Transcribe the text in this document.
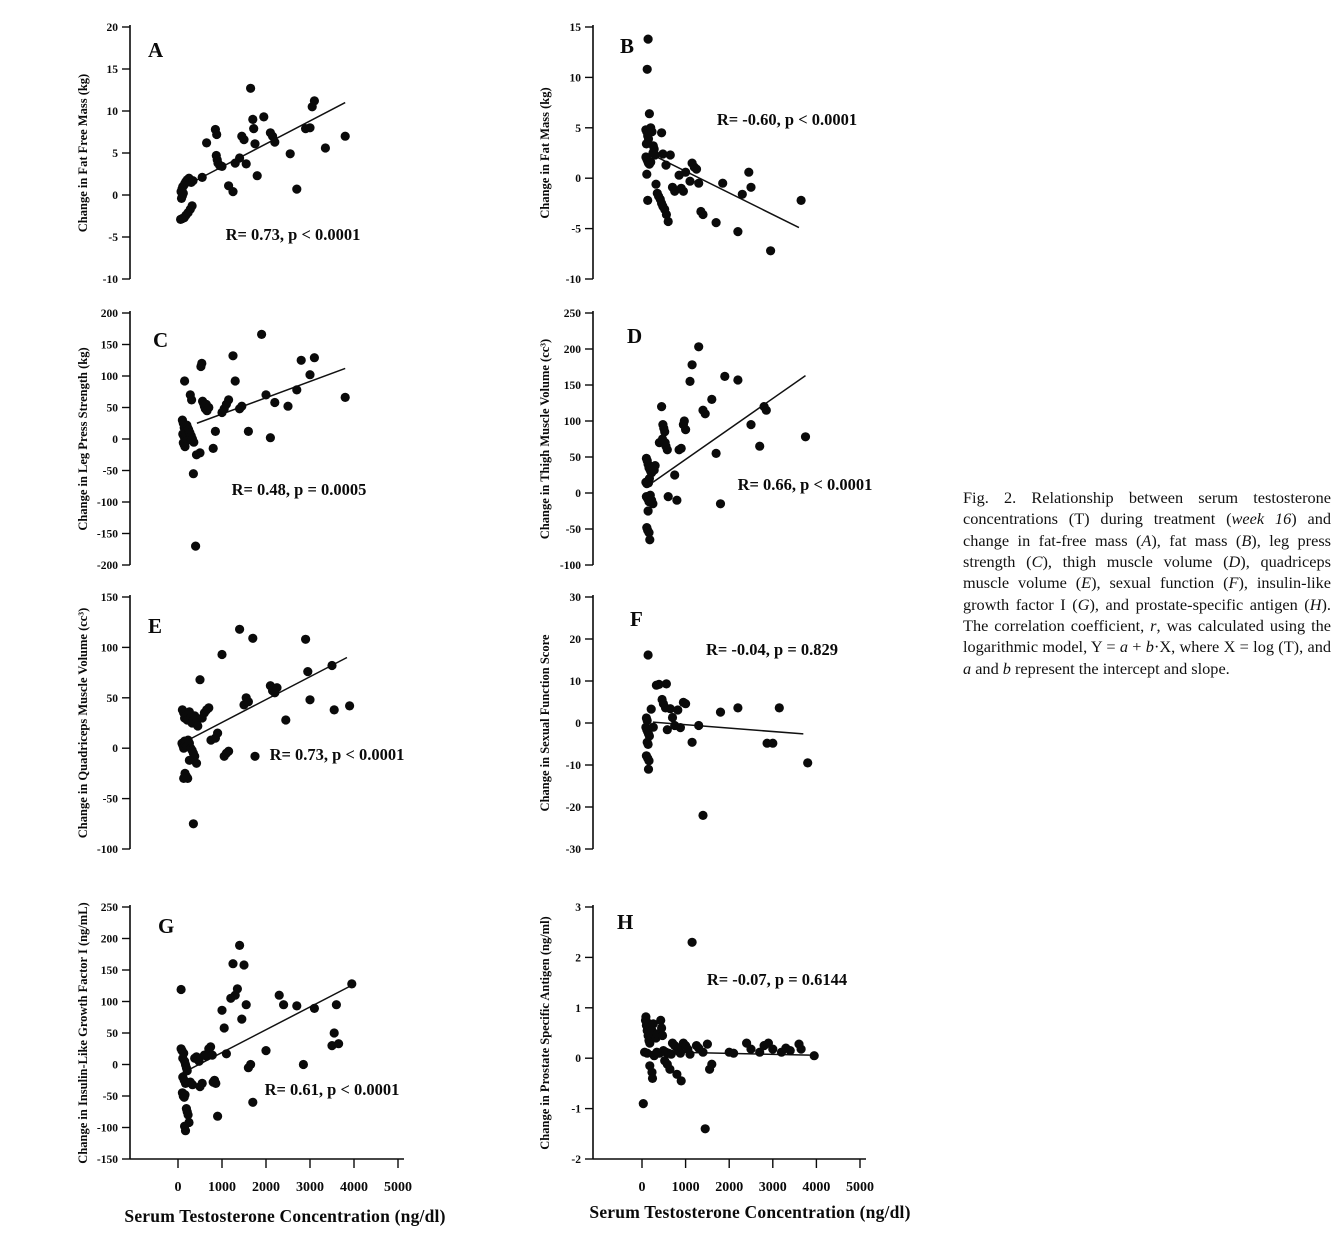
Change in Fat Free Mass (kg)
20
15
10
5
0
-5
-10
A
R= 0.73, p < 0.0001
Change in Fat Mass (kg)
15
10
5
0
-5
-10
B
R= -0.60, p < 0.0001
Change in Leg Press Strength (kg)
200
150
100
50
0
-50
-100
-150
-200
C
R= 0.48, p = 0.0005	Change in Thigh Muscle Volume (cc³)
250
200
150
100
50
0
-50
-100
D
R= 0.66, p < 0.0001
Change in Quadriceps Muscle Volume (cc³)
150
100
50
0
-50
-100
E
R= 0.73, p < 0.0001	Change in Sexual Function Score
30
20
10
0
-10
-20
-30
F
R= -0.04, p = 0.829
Change in Insulin-Like Growth Factor I (ng/mL) 250
200
150
100
50
0
-50
-100
-150
0 1000 2000 3000 4000 5000
G
R= 0.61, p < 0.0001	Change in Prostate Specific Antigen (ng/ml)
3
2
1
0
-1
-2
0 1000 2000 3000 4000 5000
H
R= -0.07, p = 0.6144
Serum Testosterone Concentration (ng/dl)	Serum Testosterone Concentration (ng/dl)
Fig. 2. Relationship between serum testosterone concentrations (T) during treatment (week 16) and change in fat-free mass (A), fat mass (B), leg press strength (C), thigh muscle volume (D), quadriceps muscle volume (E), sexual function (F), insulin-like growth factor I (G), and prostate-specific antigen (H). The correlation coefficient, r, was calculated using the logarithmic model, Y = a + b·X, where X = log (T), and a and b represent the intercept and slope.
